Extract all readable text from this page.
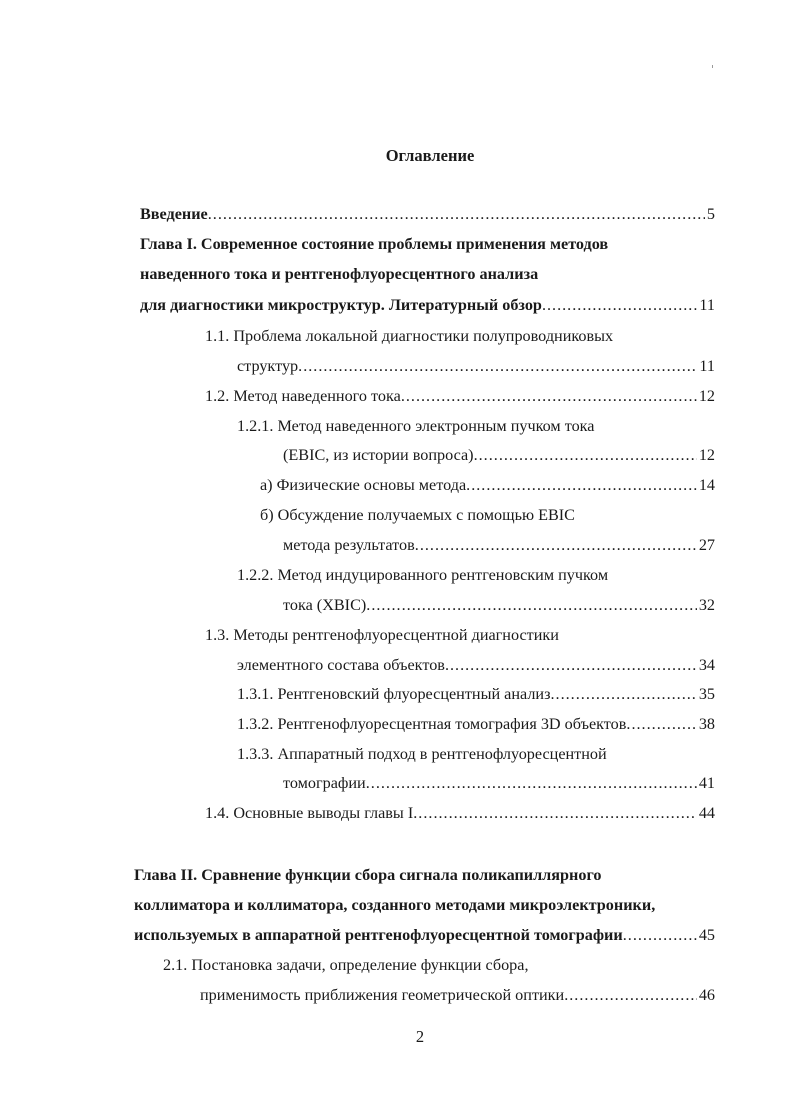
Оглавление
Введение .....	5
Глава I. Современное состояние проблемы применения методов
наведенного тока и рентгенофлуоресцентного анализа
для диагностики микроструктур. Литературный обзор .....	11
1.1. Проблема локальной диагностики полупроводниковых
структур .....	11
1.2. Метод наведенного тока .....	12
1.2.1. Метод наведенного электронным пучком тока
(EBIC, из истории вопроса) .....	12
а) Физические основы метода .....	14
б) Обсуждение получаемых с помощью EBIC
метода результатов .....	27
1.2.2. Метод индуцированного рентгеновским пучком
тока (XBIC) .....	32
1.3. Методы рентгенофлуоресцентной диагностики
элементного состава объектов .....	34
1.3.1. Рентгеновский флуоресцентный анализ .....	35
1.3.2. Рентгенофлуоресцентная томография 3D объектов .....	38
1.3.3. Аппаратный подход в рентгенофлуоресцентной
томографии .....	41
1.4. Основные выводы главы I .....	44
Глава II. Сравнение функции сбора сигнала поликапиллярного
коллиматора и коллиматора, созданного методами микроэлектроники,
используемых в аппаратной рентгенофлуоресцентной томографии .....	45
2.1. Постановка задачи, определение функции сбора,
применимость приближения геометрической оптики .....	46
2
